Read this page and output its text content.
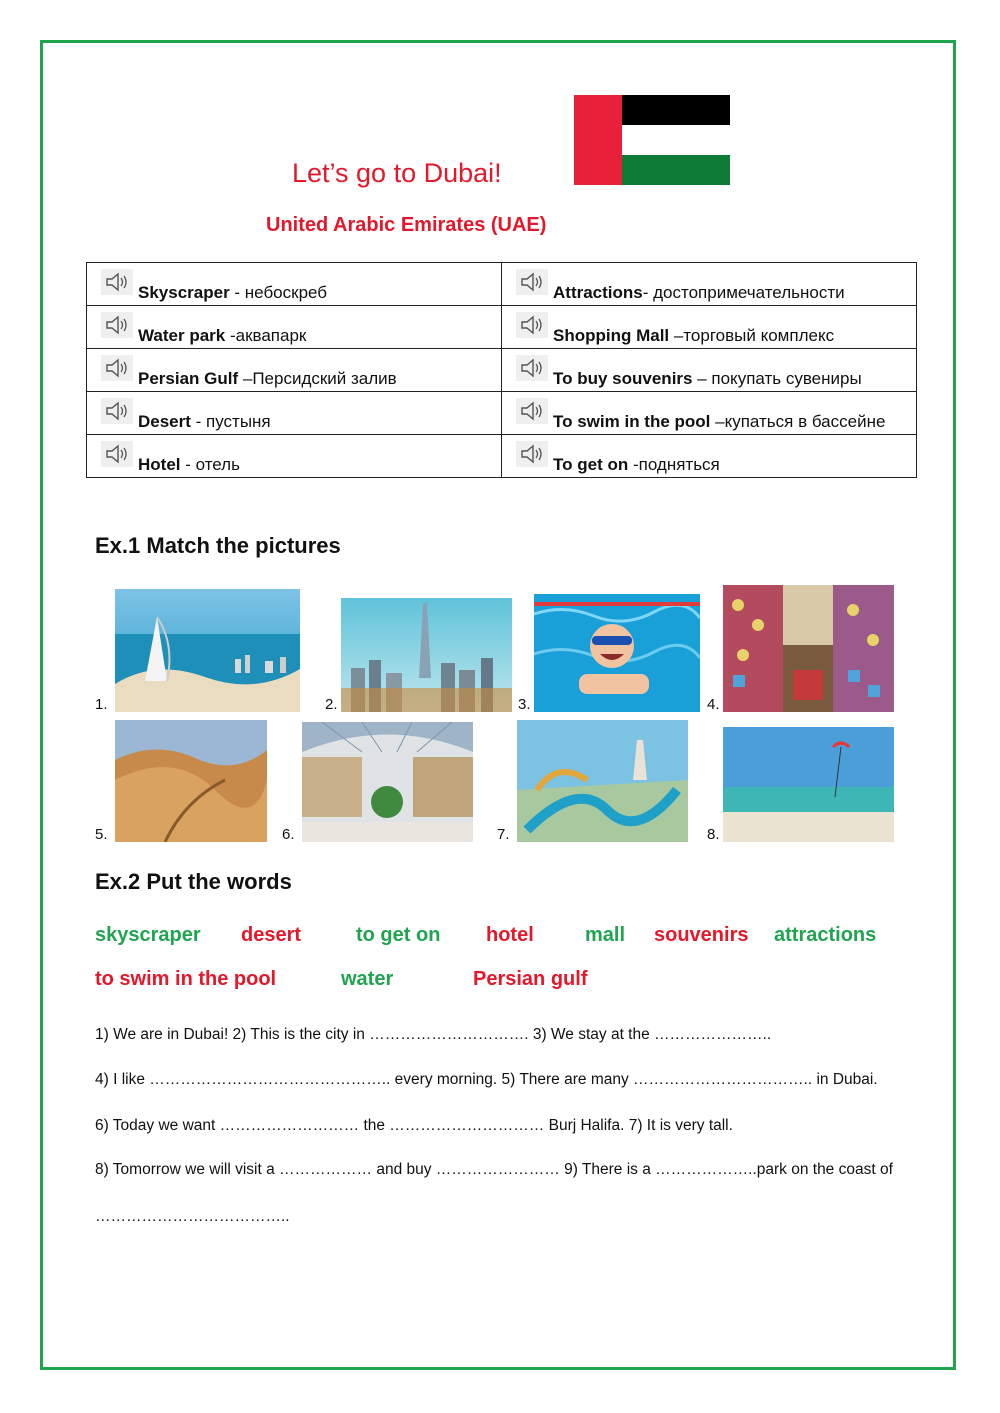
Let’s go to Dubai!
United Arabic Emirates (UAE)
Skyscraper - небоскреб	Attractions- достопримечательности

Water park -аквапарк	Shopping Mall –торговый комплекс

Persian Gulf –Персидский залив	To buy souvenirs – покупать сувениры

Desert - пустыня	To swim in the pool –купаться в бассейне

Hotel - отель	To get on -подняться
Ex.1 Match the pictures
1.	2.	3.	4.
5.	6.	7.	8.
Ex.2 Put the words
skyscraper desert	to get on hotel	mall souvenirs attractions
to swim in the pool	water	Persian gulf
1) We are in Dubai! 2) This is the city in …………………………. 3) We stay at the …………………..
4) I like ……………………………………….. every morning. 5) There are many …………………………….. in Dubai.
6) Today we want ……………………… the ………………………… Burj Halifa. 7) It is very tall.
8) Tomorrow we will visit a ……………… and buy …………………… 9) There is a ………………..park on the coast of
………………………………..
